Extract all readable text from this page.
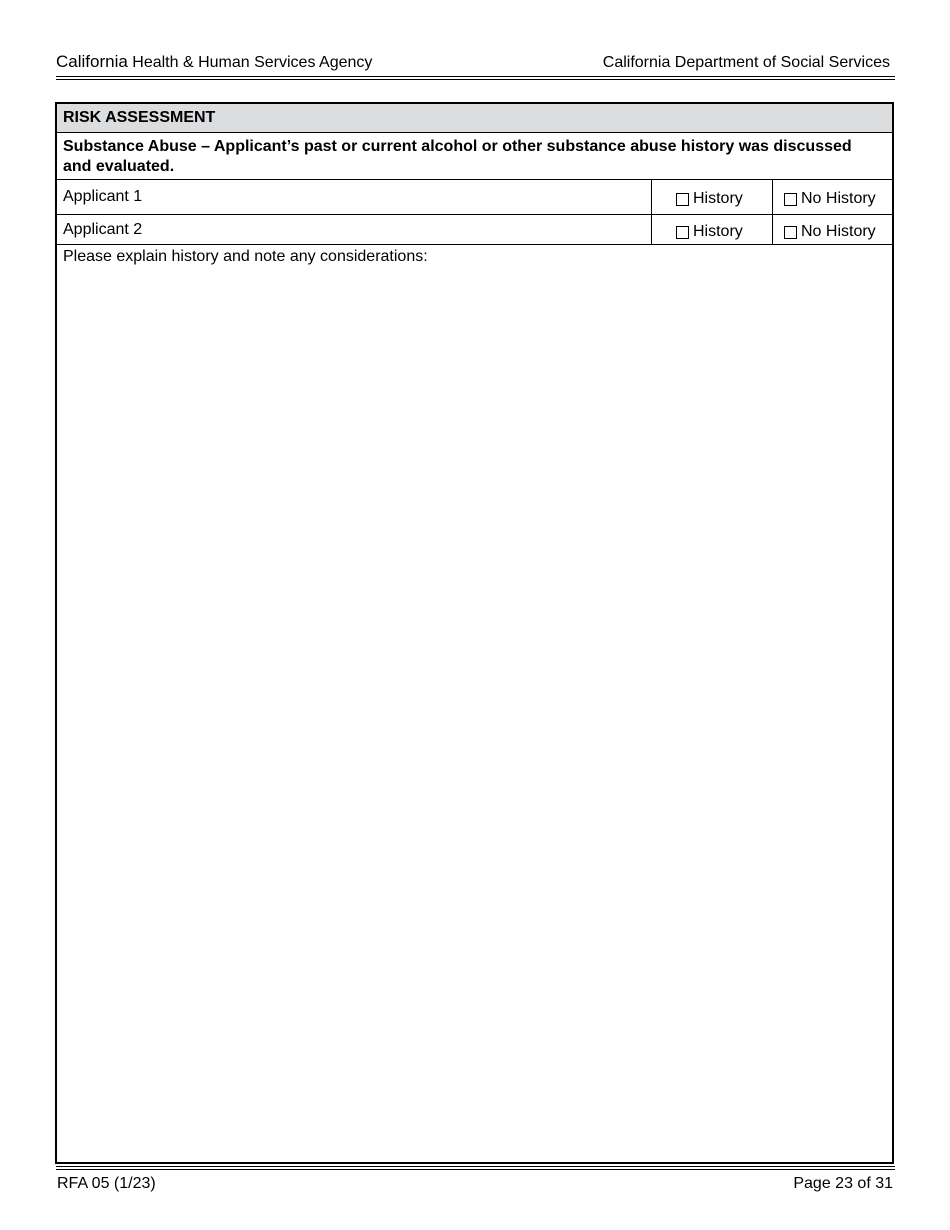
California Health & Human Services Agency	California Department of Social Services
RISK ASSESSMENT
Substance Abuse – Applicant’s past or current alcohol or other substance abuse history was discussed and evaluated.
Applicant 1	History	No History
Applicant 2	History	No History
Please explain history and note any considerations:
RFA 05 (1/23)	Page 23 of 31
